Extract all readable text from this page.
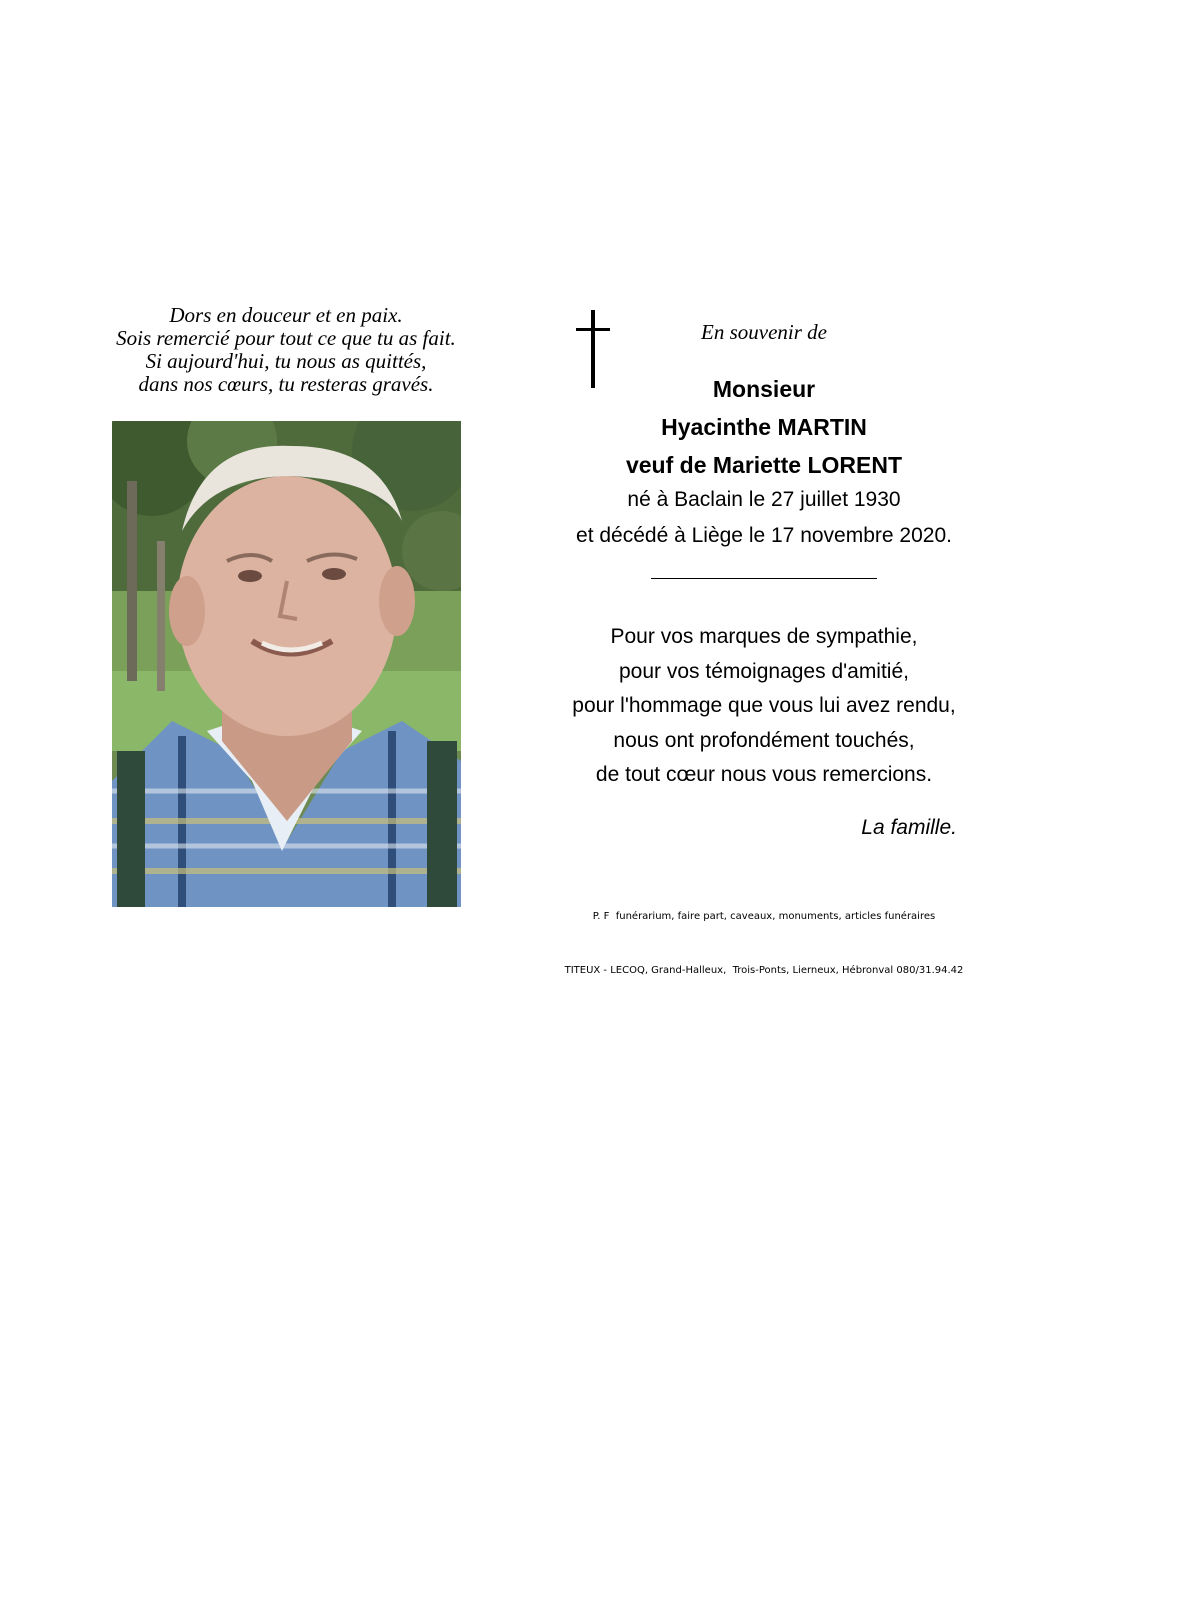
Dors en douceur et en paix.
Sois remercié pour tout ce que tu as fait.
Si aujourd'hui, tu nous as quittés,
dans nos cœurs, tu resteras gravés.
En souvenir de
Monsieur
Hyacinthe MARTIN
veuf de Mariette LORENT
né à Baclain le 27 juillet 1930
et décédé à Liège le 17 novembre 2020.
Pour vos marques de sympathie,
pour vos témoignages d'amitié,
pour l'hommage que vous lui avez rendu,
nous ont profondément touchés,
de tout cœur nous vous remercions.
La famille.

P. F  funérarium, faire part, caveaux, monuments, articles funéraires

TITEUX - LECOQ, Grand-Halleux,  Trois-Ponts, Lierneux, Hébronval 080/31.94.42
